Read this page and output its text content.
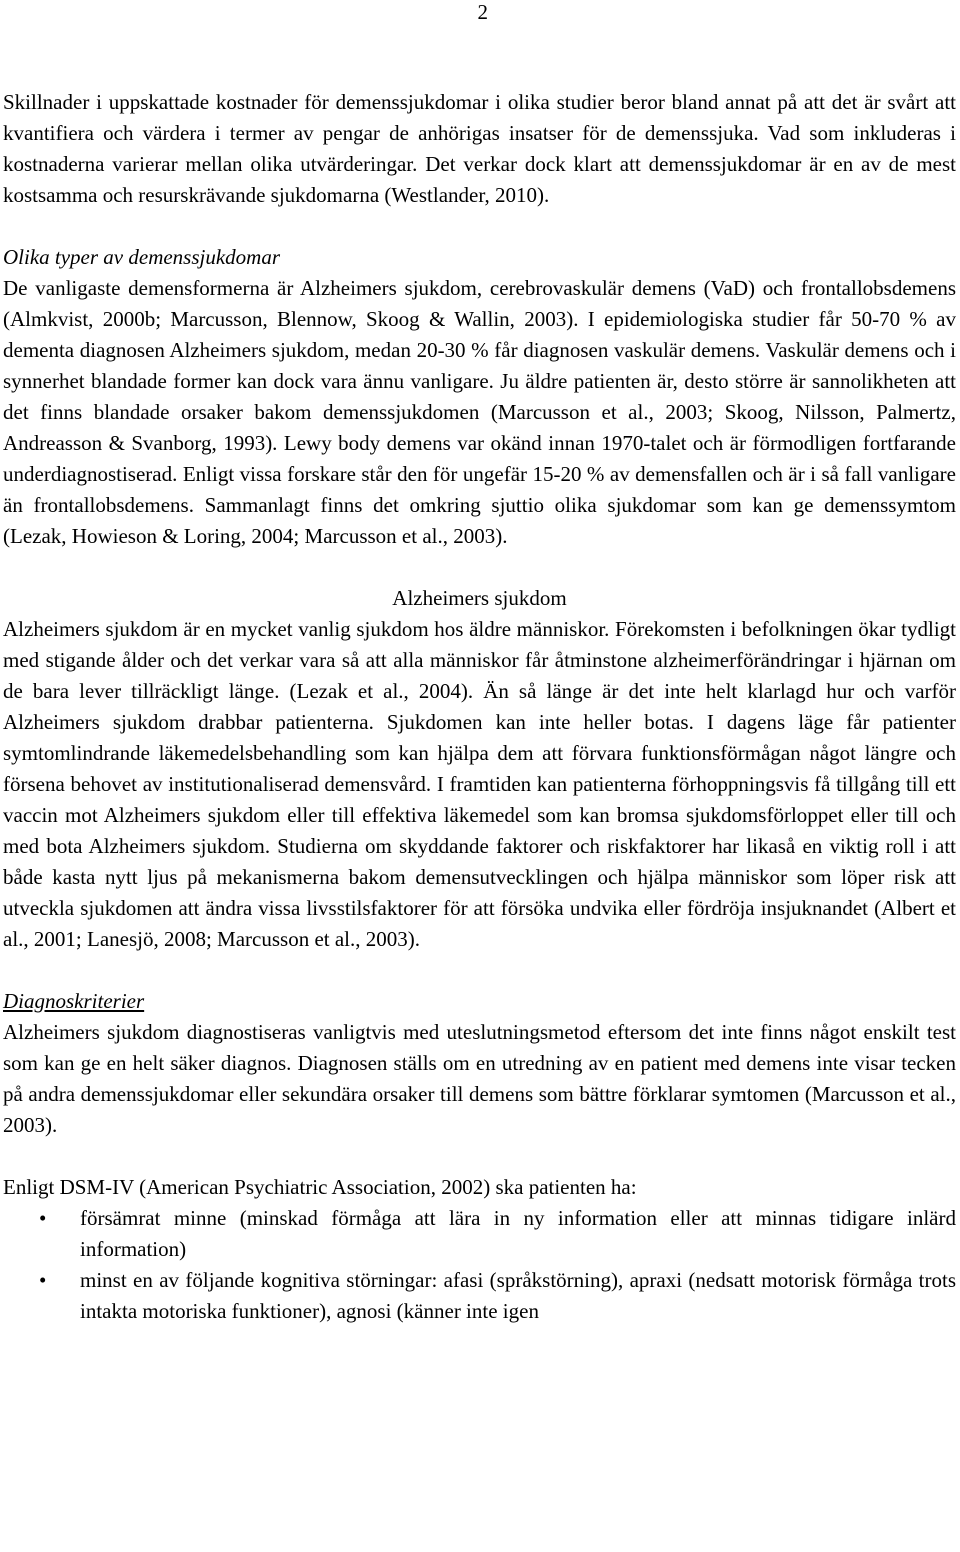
2

Skillnader i uppskattade kostnader för demenssjukdomar i olika studier beror bland annat på att det är svårt att kvantifiera och värdera i termer av pengar de anhörigas insatser för de demenssjuka. Vad som inkluderas i kostnaderna varierar mellan olika utvärderingar. Det verkar dock klart att demenssjukdomar är en av de mest kostsamma och resurskrävande sjukdomarna (Westlander, 2010).

Olika typer av demenssjukdomar

De vanligaste demensformerna är Alzheimers sjukdom, cerebrovaskulär demens (VaD) och frontallobsdemens (Almkvist, 2000b; Marcusson, Blennow, Skoog & Wallin, 2003). I epidemiologiska studier får 50-70 % av dementa diagnosen Alzheimers sjukdom, medan 20-30 % får diagnosen vaskulär demens. Vaskulär demens och i synnerhet blandade former kan dock vara ännu vanligare. Ju äldre patienten är, desto större är sannolikheten att det finns blandade orsaker bakom demenssjukdomen (Marcusson et al., 2003; Skoog, Nilsson, Palmertz, Andreasson & Svanborg, 1993). Lewy body demens var okänd innan 1970-talet och är förmodligen fortfarande underdiagnostiserad. Enligt vissa forskare står den för ungefär 15-20 % av demensfallen och är i så fall vanligare än frontallobsdemens. Sammanlagt finns det omkring sjuttio olika sjukdomar som kan ge demenssymtom (Lezak, Howieson & Loring, 2004; Marcusson et al., 2003).

Alzheimers sjukdom

Alzheimers sjukdom är en mycket vanlig sjukdom hos äldre människor. Förekomsten i befolkningen ökar tydligt med stigande ålder och det verkar vara så att alla människor får åtminstone alzheimerförändringar i hjärnan om de bara lever tillräckligt länge. (Lezak et al., 2004). Än så länge är det inte helt klarlagd hur och varför Alzheimers sjukdom drabbar patienterna. Sjukdomen kan inte heller botas. I dagens läge får patienter symtomlindrande läkemedelsbehandling som kan hjälpa dem att förvara funktionsförmågan något längre och försena behovet av institutionaliserad demensvård. I framtiden kan patienterna förhoppningsvis få tillgång till ett vaccin mot Alzheimers sjukdom eller till effektiva läkemedel som kan bromsa sjukdomsförloppet eller till och med bota Alzheimers sjukdom. Studierna om skyddande faktorer och riskfaktorer har likaså en viktig roll i att både kasta nytt ljus på mekanismerna bakom demensutvecklingen och hjälpa människor som löper risk att utveckla sjukdomen att ändra vissa livsstilsfaktorer för att försöka undvika eller fördröja insjuknandet (Albert et al., 2001; Lanesjö, 2008; Marcusson et al., 2003).

Diagnoskriterier

Alzheimers sjukdom diagnostiseras vanligtvis med uteslutningsmetod eftersom det inte finns något enskilt test som kan ge en helt säker diagnos. Diagnosen ställs om en utredning av en patient med demens inte visar tecken på andra demenssjukdomar eller sekundära orsaker till demens som bättre förklarar symtomen (Marcusson et al., 2003).

Enligt DSM-IV (American Psychiatric Association, 2002) ska patienten ha:

• försämrat minne (minskad förmåga att lära in ny information eller att minnas tidigare inlärd information)
• minst en av följande kognitiva störningar: afasi (språkstörning), apraxi (nedsatt motorisk förmåga trots intakta motoriska funktioner), agnosi (känner inte igen
